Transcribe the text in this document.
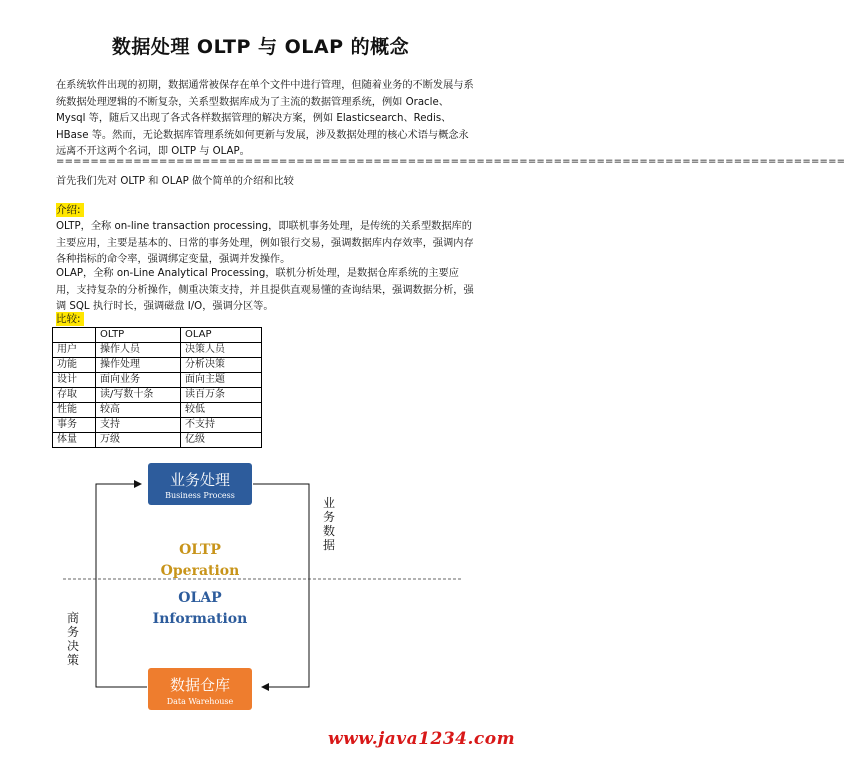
数据处理 OLTP 与 OLAP 的概念

在系统软件出现的初期，数据通常被保存在单个文件中进行管理，但随着业务的不断发展与系统数据处理逻辑的不断复杂，关系型数据库成为了主流的数据管理系统，例如 Oracle、Mysql 等，随后又出现了各式各样数据管理的解决方案，例如 Elasticsearch、Redis、HBase 等。然而，无论数据库管理系统如何更新与发展，涉及数据处理的核心术语与概念永远离不开这两个名词，即 OLTP 与 OLAP。

============================================================================================
首先我们先对 OLTP 和 OLAP 做个简单的介绍和比较
介绍:
OLTP，全称 on-line transaction processing，即联机事务处理，是传统的关系型数据库的主要应用，主要是基本的、日常的事务处理，例如银行交易，强调数据库内存效率，强调内存各种指标的命令率，强调绑定变量，强调并发操作。
OLAP，全称 on-Line Analytical Processing，联机分析处理，是数据仓库系统的主要应用，支持复杂的分析操作，侧重决策支持，并且提供直观易懂的查询结果，强调数据分析，强调 SQL 执行时长，强调磁盘 I/O，强调分区等。
比较:
	OLTP	OLAP
用户	操作人员	决策人员
功能	操作处理	分析决策
设计	面向业务	面向主题
存取	读/写数十条	读百万条
性能	较高	较低
事务	支持	不支持
体量	万级	亿级
业务处理
Business Process
数据仓库
Data Warehouse
OLTP
Operation
OLAP
Information
业
务
数
据
商
务
决
策
www.java1234.com
